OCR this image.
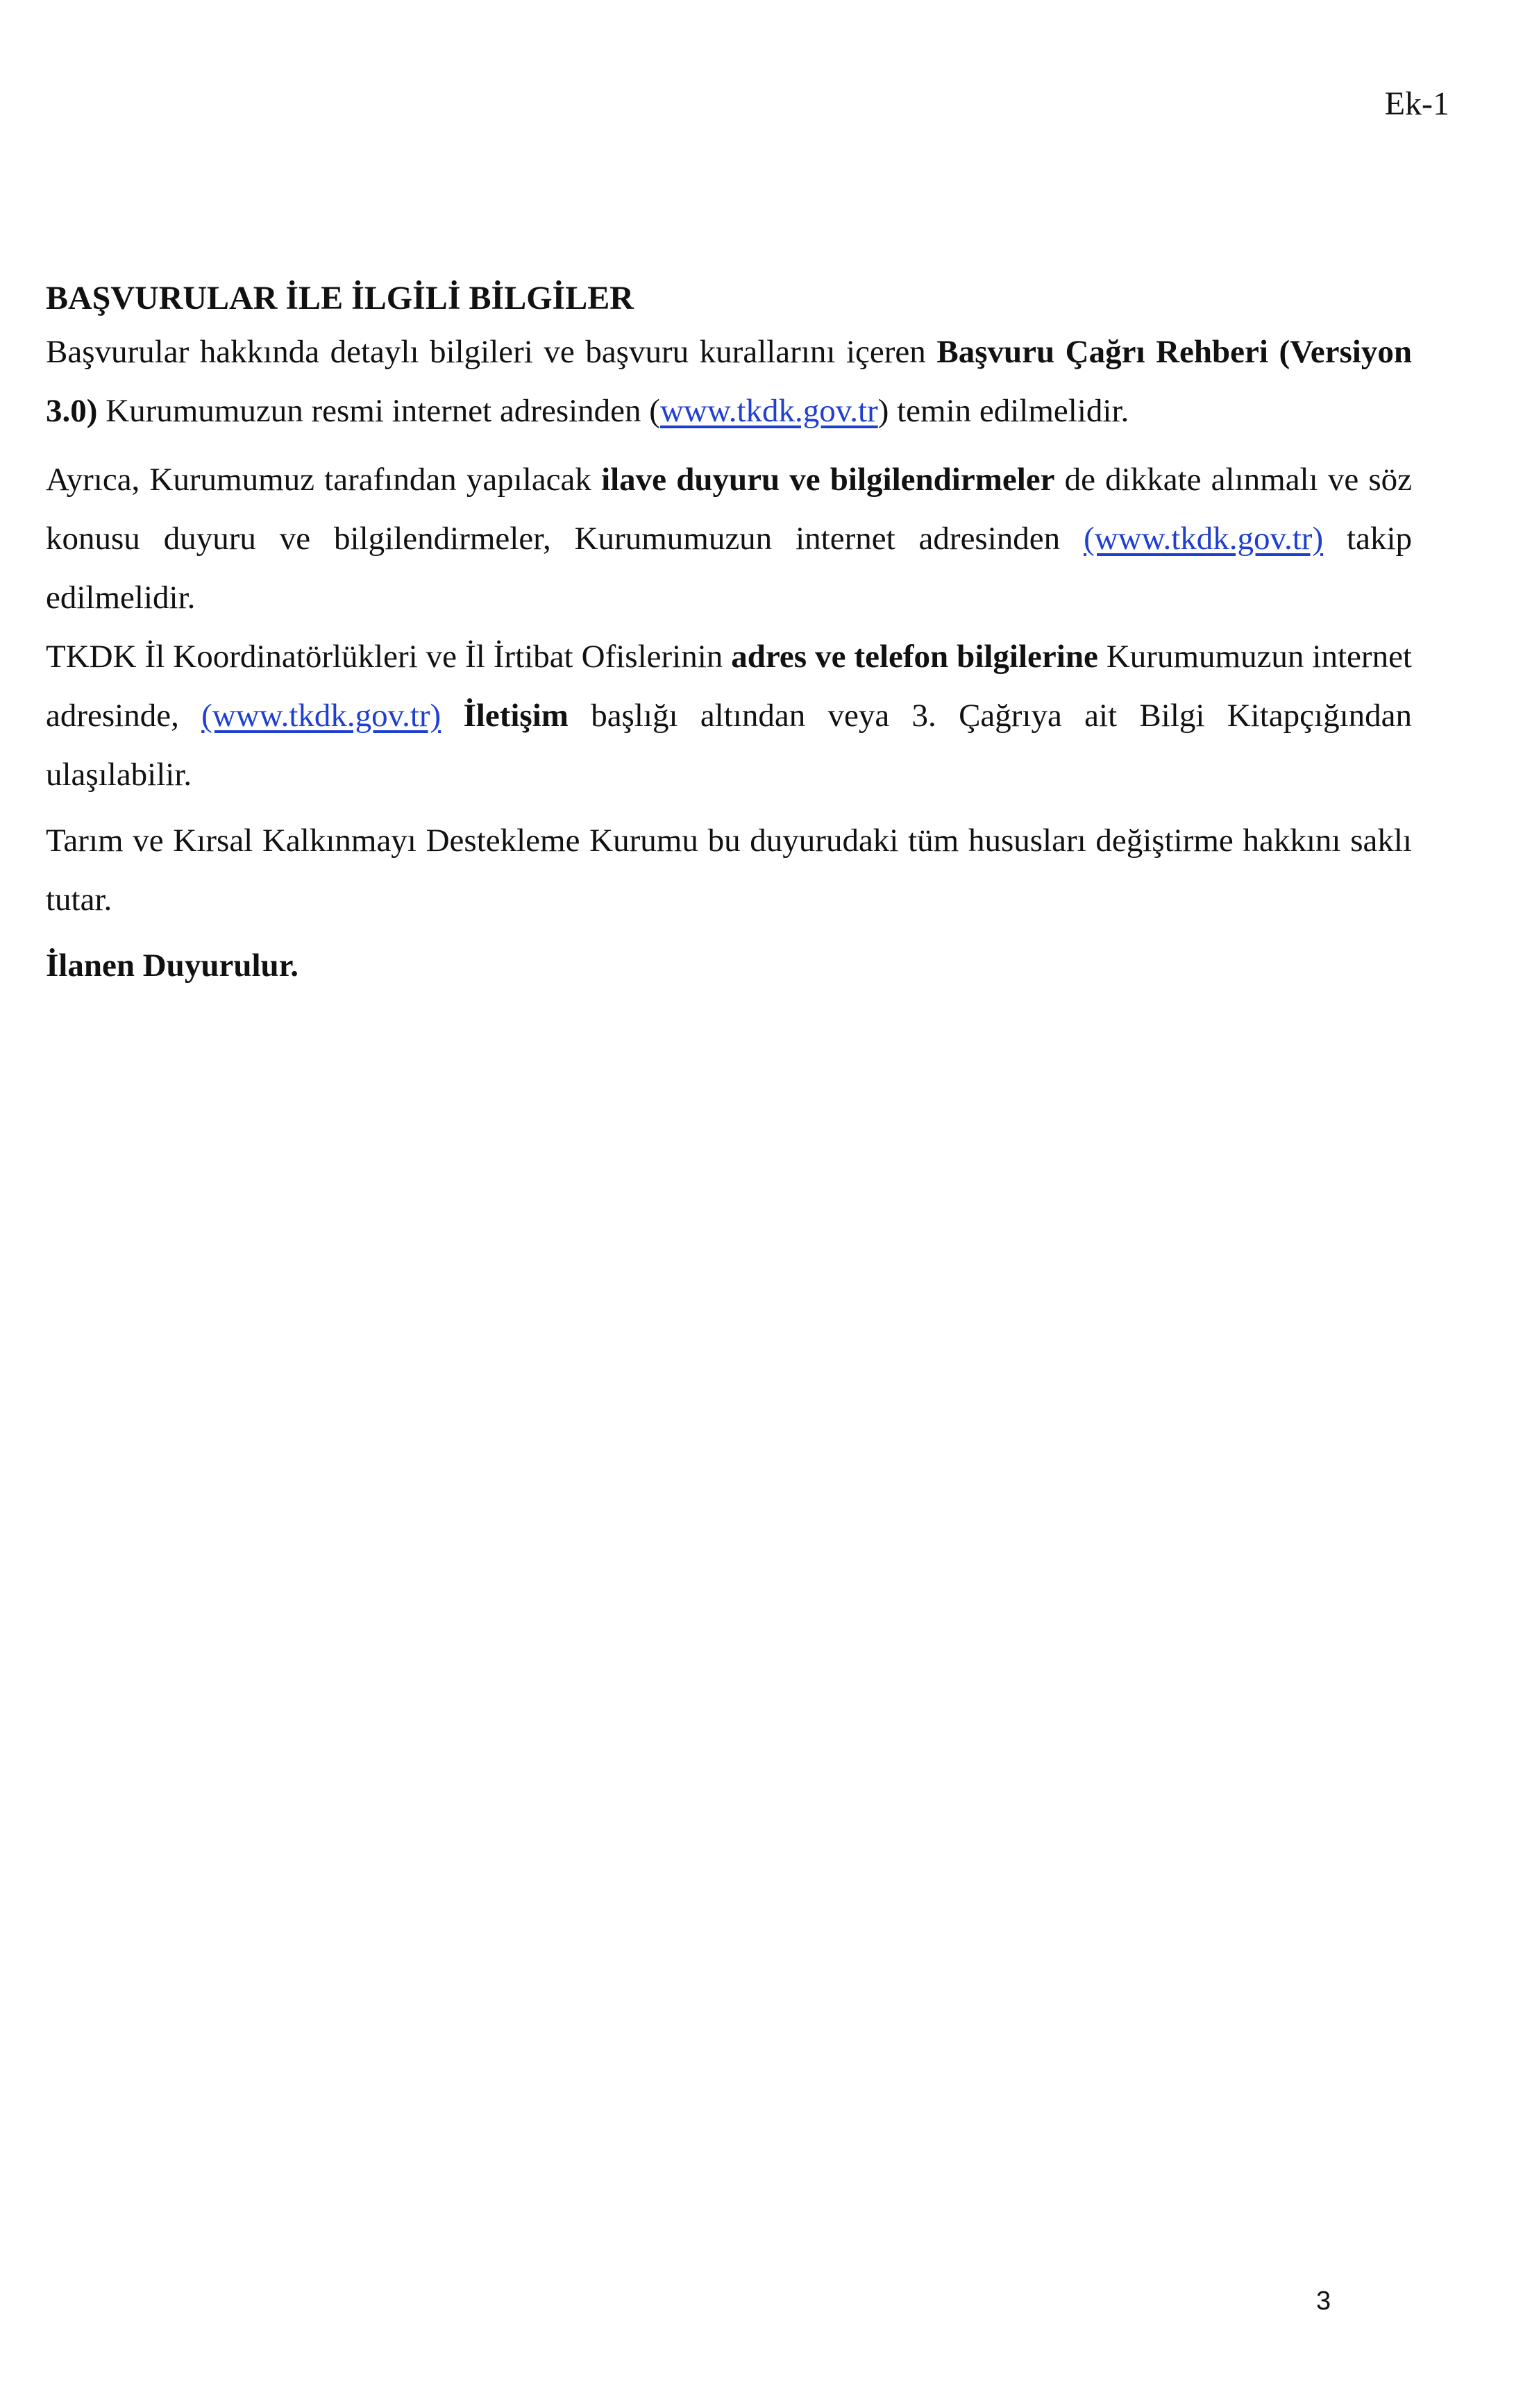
Ek-1
BAŞVURULAR İLE İLGİLİ BİLGİLER

Başvurular hakkında detaylı bilgileri ve başvuru kurallarını içeren Başvuru Çağrı Rehberi (Versiyon 3.0) Kurumumuzun resmi internet adresinden (www.tkdk.gov.tr) temin edilmelidir.

Ayrıca, Kurumumuz tarafından yapılacak ilave duyuru ve bilgilendirmeler de dikkate alınmalı ve söz konusu duyuru ve bilgilendirmeler, Kurumumuzun internet adresinden (www.tkdk.gov.tr) takip edilmelidir.

TKDK İl Koordinatörlükleri ve İl İrtibat Ofislerinin adres ve telefon bilgilerine Kurumumuzun internet adresinde, (www.tkdk.gov.tr) İletişim başlığı altından veya 3. Çağrıya ait Bilgi Kitapçığından ulaşılabilir.

Tarım ve Kırsal Kalkınmayı Destekleme Kurumu bu duyurudaki tüm hususları değiştirme hakkını saklı tutar.

İlanen Duyurulur.

3
